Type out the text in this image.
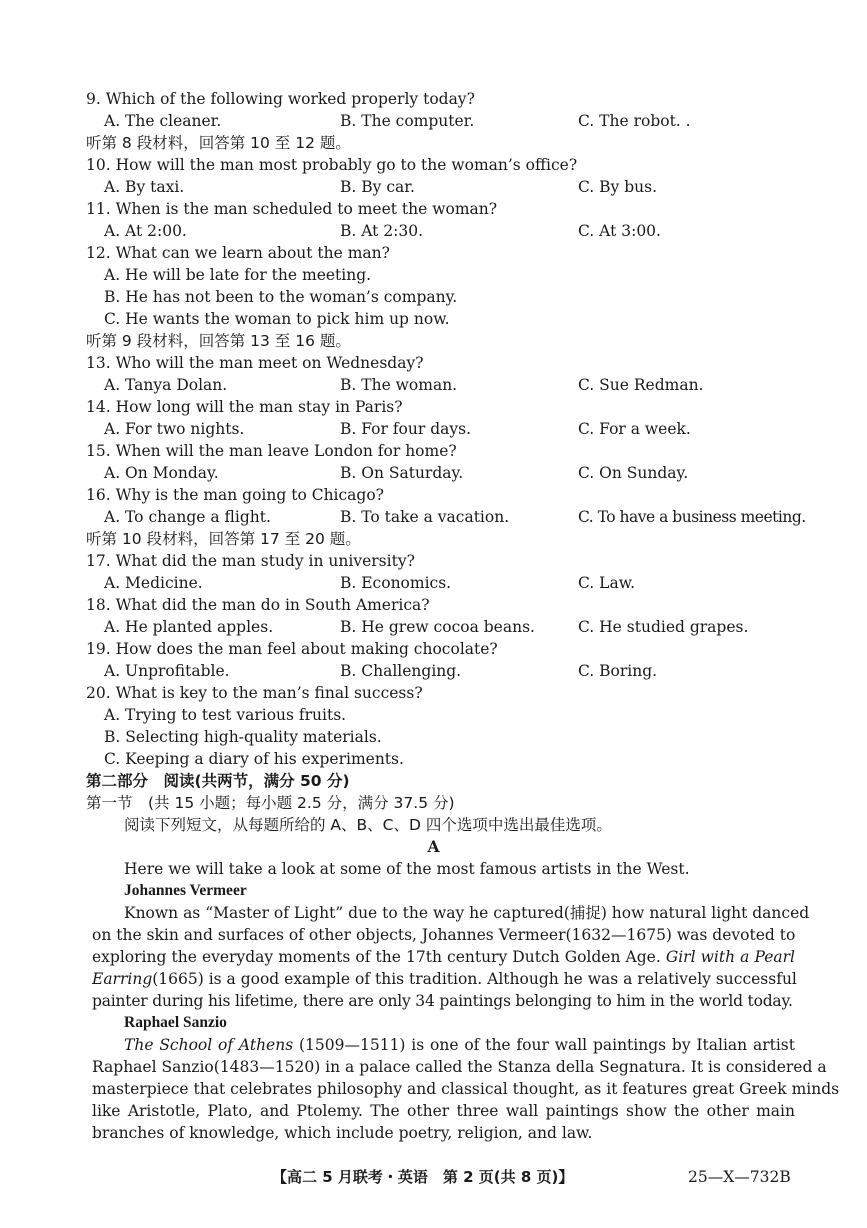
9. Which of the following worked properly today?
A. The cleaner.	B. The computer.	C. The robot. .
听第 8 段材料，回答第 10 至 12 题。
10. How will the man most probably go to the woman’s office?
A. By taxi.	B. By car.	C. By bus.
11. When is the man scheduled to meet the woman?
A. At 2:00.	B. At 2:30.	C. At 3:00.
12. What can we learn about the man?
A. He will be late for the meeting.
B. He has not been to the woman’s company.
C. He wants the woman to pick him up now.
听第 9 段材料，回答第 13 至 16 题。
13. Who will the man meet on Wednesday?
A. Tanya Dolan.	B. The woman.	C. Sue Redman.
14. How long will the man stay in Paris?
A. For two nights.	B. For four days.	C. For a week.
15. When will the man leave London for home?
A. On Monday.	B. On Saturday.	C. On Sunday.
16. Why is the man going to Chicago?
A. To change a flight.	B. To take a vacation.	C. To have a business meeting.
听第 10 段材料，回答第 17 至 20 题。
17. What did the man study in university?
A. Medicine.	B. Economics.	C. Law.
18. What did the man do in South America?
A. He planted apples.	B. He grew cocoa beans.	C. He studied grapes.
19. How does the man feel about making chocolate?
A. Unprofitable.	B. Challenging.	C. Boring.
20. What is key to the man’s final success?
A. Trying to test various fruits.
B. Selecting high-quality materials.
C. Keeping a diary of his experiments.
第二部分　阅读(共两节，满分 50 分)
第一节　(共 15 小题；每小题 2.5 分，满分 37.5 分)
阅读下列短文，从每题所给的 A、B、C、D 四个选项中选出最佳选项。
A
Here we will take a look at some of the most famous artists in the West.
Johannes Vermeer
Known as “Master of Light” due to the way he captured(捕捉) how natural light danced
on the skin and surfaces of other objects, Johannes Vermeer(1632—1675) was devoted to
exploring the everyday moments of the 17th century Dutch Golden Age. Girl with a Pearl
Earring(1665) is a good example of this tradition. Although he was a relatively successful
painter during his lifetime, there are only 34 paintings belonging to him in the world today.
Raphael Sanzio
The School of Athens (1509—1511) is one of the four wall paintings by Italian artist
Raphael Sanzio(1483—1520) in a palace called the Stanza della Segnatura. It is considered a
masterpiece that celebrates philosophy and classical thought, as it features great Greek minds
like Aristotle, Plato, and Ptolemy. The other three wall paintings show the other main
branches of knowledge, which include poetry, religion, and law.
【高二 5 月联考・英语　第 2 页(共 8 页)】	25—X—732B
